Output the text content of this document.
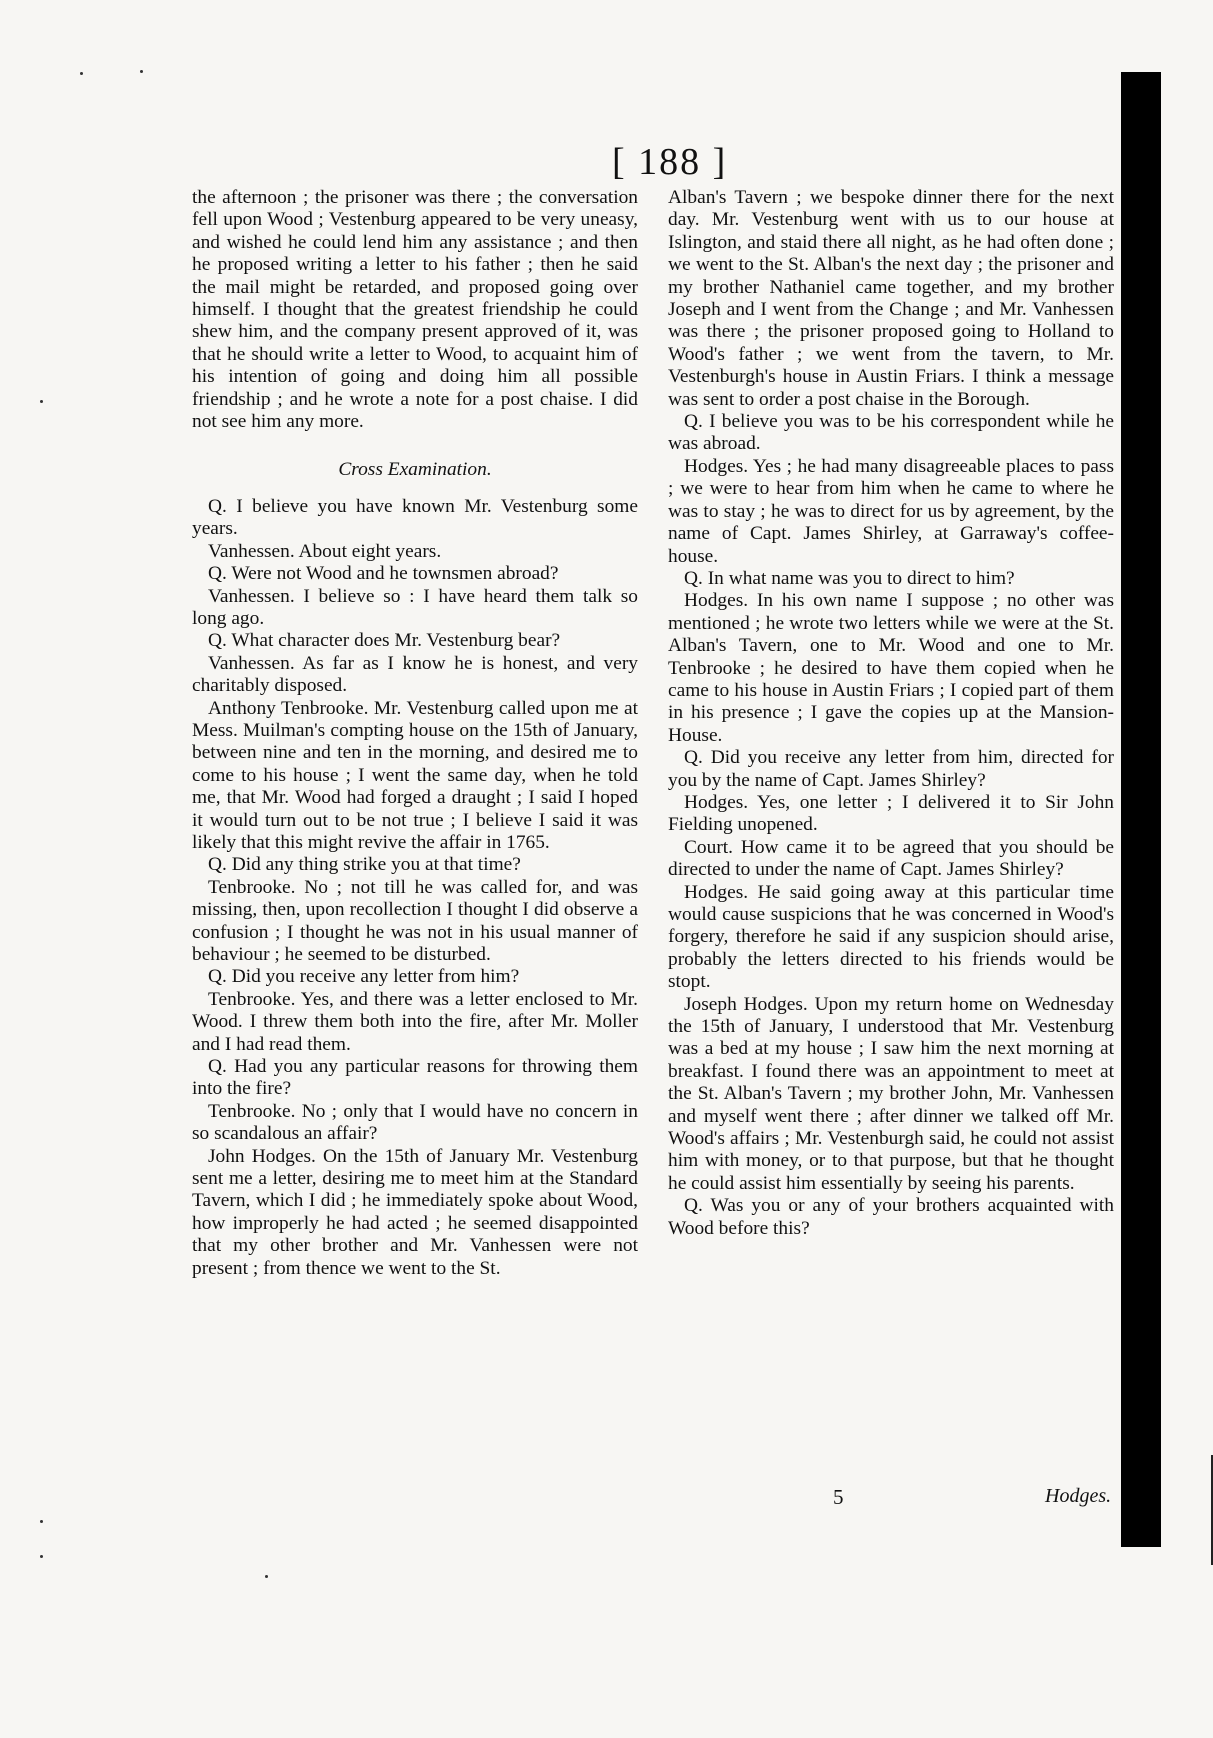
[ 188 ]

the afternoon ; the prisoner was there ; the conversation fell upon Wood ; Vestenburg appeared to be very uneasy, and wished he could lend him any assistance ; and then he proposed writing a letter to his father ; then he said the mail might be retarded, and proposed going over himself. I thought that the greatest friendship he could shew him, and the company present approved of it, was that he should write a letter to Wood, to acquaint him of his intention of going and doing him all possible friendship ; and he wrote a note for a post chaise. I did not see him any more.

Cross Examination.

Q. I believe you have known Mr. Vestenburg some years.

Vanhessen. About eight years.

Q. Were not Wood and he townsmen abroad?

Vanhessen. I believe so : I have heard them talk so long ago.

Q. What character does Mr. Vestenburg bear?

Vanhessen. As far as I know he is honest, and very charitably disposed.

Anthony Tenbrooke. Mr. Vestenburg called upon me at Mess. Muilman's compting house on the 15th of January, between nine and ten in the morning, and desired me to come to his house ; I went the same day, when he told me, that Mr. Wood had forged a draught ; I said I hoped it would turn out to be not true ; I believe I said it was likely that this might revive the affair in 1765.

Q. Did any thing strike you at that time?

Tenbrooke. No ; not till he was called for, and was missing, then, upon recollection I thought I did observe a confusion ; I thought he was not in his usual manner of behaviour ; he seemed to be disturbed.

Q. Did you receive any letter from him?

Tenbrooke. Yes, and there was a letter enclosed to Mr. Wood. I threw them both into the fire, after Mr. Moller and I had read them.

Q. Had you any particular reasons for throwing them into the fire?

Tenbrooke. No ; only that I would have no concern in so scandalous an affair?

John Hodges. On the 15th of January Mr. Vestenburg sent me a letter, desiring me to meet him at the Standard Tavern, which I did ; he immediately spoke about Wood, how improperly he had acted ; he seemed disappointed that my other brother and Mr. Vanhessen were not present ; from thence we went to the St.

Alban's Tavern ; we bespoke dinner there for the next day. Mr. Vestenburg went with us to our house at Islington, and staid there all night, as he had often done ; we went to the St. Alban's the next day ; the prisoner and my brother Nathaniel came together, and my brother Joseph and I went from the Change ; and Mr. Vanhessen was there ; the prisoner proposed going to Holland to Wood's father ; we went from the tavern, to Mr. Vestenburgh's house in Austin Friars. I think a message was sent to order a post chaise in the Borough.

Q. I believe you was to be his correspondent while he was abroad.

Hodges. Yes ; he had many disagreeable places to pass ; we were to hear from him when he came to where he was to stay ; he was to direct for us by agreement, by the name of Capt. James Shirley, at Garraway's coffee-house.

Q. In what name was you to direct to him?

Hodges. In his own name I suppose ; no other was mentioned ; he wrote two letters while we were at the St. Alban's Tavern, one to Mr. Wood and one to Mr. Tenbrooke ; he desired to have them copied when he came to his house in Austin Friars ; I copied part of them in his presence ; I gave the copies up at the Mansion-House.

Q. Did you receive any letter from him, directed for you by the name of Capt. James Shirley?

Hodges. Yes, one letter ; I delivered it to Sir John Fielding unopened.

Court. How came it to be agreed that you should be directed to under the name of Capt. James Shirley?

Hodges. He said going away at this particular time would cause suspicions that he was concerned in Wood's forgery, therefore he said if any suspicion should arise, probably the letters directed to his friends would be stopt.

Joseph Hodges. Upon my return home on Wednesday the 15th of January, I understood that Mr. Vestenburg was a bed at my house ; I saw him the next morning at breakfast. I found there was an appointment to meet at the St. Alban's Tavern ; my brother John, Mr. Vanhessen and myself went there ; after dinner we talked off Mr. Wood's affairs ; Mr. Vestenburgh said, he could not assist him with money, or to that purpose, but that he thought he could assist him essentially by seeing his parents.

Q. Was you or any of your brothers acquainted with Wood before this?

5	Hodges.
